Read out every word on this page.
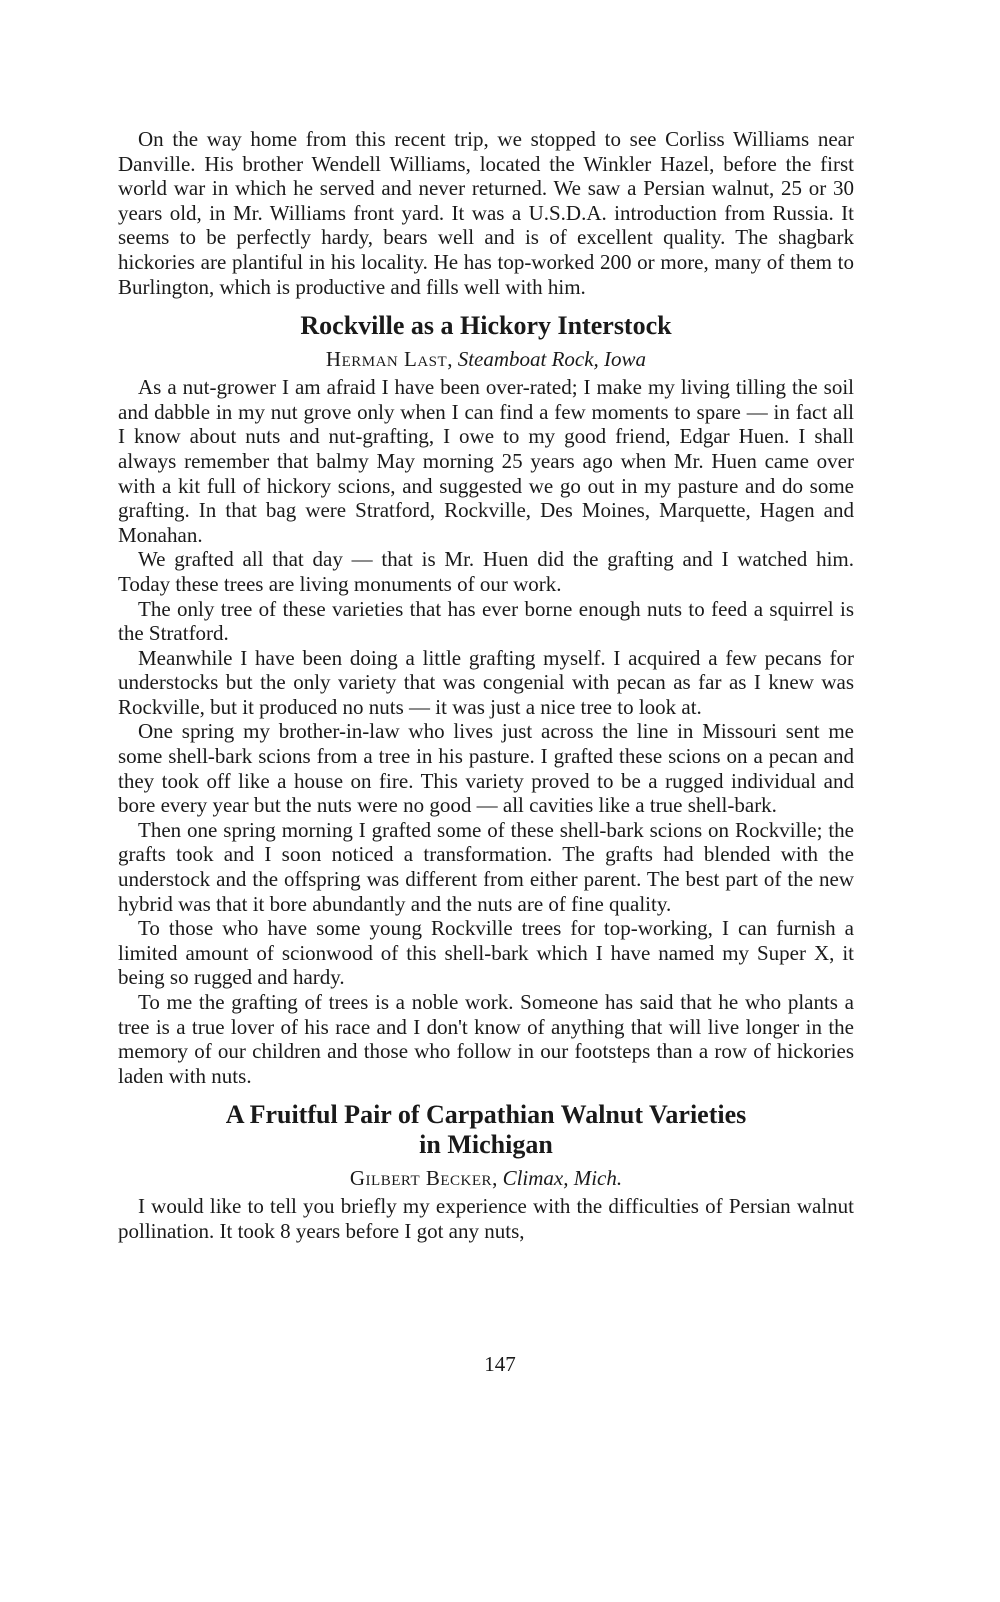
On the way home from this recent trip, we stopped to see Corliss Williams near Danville. His brother Wendell Williams, located the Winkler Hazel, before the first world war in which he served and never returned. We saw a Persian walnut, 25 or 30 years old, in Mr. Williams front yard. It was a U.S.D.A. introduction from Russia. It seems to be perfectly hardy, bears well and is of excellent quality. The shagbark hickories are plantiful in his locality. He has top-worked 200 or more, many of them to Burlington, which is productive and fills well with him.

Rockville as a Hickory Interstock
Herman Last, Steamboat Rock, Iowa

As a nut-grower I am afraid I have been over-rated; I make my living tilling the soil and dabble in my nut grove only when I can find a few moments to spare — in fact all I know about nuts and nut-grafting, I owe to my good friend, Edgar Huen. I shall always remember that balmy May morning 25 years ago when Mr. Huen came over with a kit full of hickory scions, and suggested we go out in my pasture and do some grafting. In that bag were Stratford, Rockville, Des Moines, Marquette, Hagen and Monahan.

We grafted all that day — that is Mr. Huen did the grafting and I watched him. Today these trees are living monuments of our work.

The only tree of these varieties that has ever borne enough nuts to feed a squirrel is the Stratford.

Meanwhile I have been doing a little grafting myself. I acquired a few pecans for understocks but the only variety that was congenial with pecan as far as I knew was Rockville, but it produced no nuts — it was just a nice tree to look at.

One spring my brother-in-law who lives just across the line in Missouri sent me some shell-bark scions from a tree in his pasture. I grafted these scions on a pecan and they took off like a house on fire. This variety proved to be a rugged individual and bore every year but the nuts were no good — all cavities like a true shell-bark.

Then one spring morning I grafted some of these shell-bark scions on Rockville; the grafts took and I soon noticed a transformation. The grafts had blended with the understock and the offspring was different from either parent. The best part of the new hybrid was that it bore abundantly and the nuts are of fine quality.

To those who have some young Rockville trees for top-working, I can furnish a limited amount of scionwood of this shell-bark which I have named my Super X, it being so rugged and hardy.

To me the grafting of trees is a noble work. Someone has said that he who plants a tree is a true lover of his race and I don't know of anything that will live longer in the memory of our children and those who follow in our footsteps than a row of hickories laden with nuts.

A Fruitful Pair of Carpathian Walnut Varieties
in Michigan
Gilbert Becker, Climax, Mich.

I would like to tell you briefly my experience with the difficulties of Persian walnut pollination. It took 8 years before I got any nuts,

147
